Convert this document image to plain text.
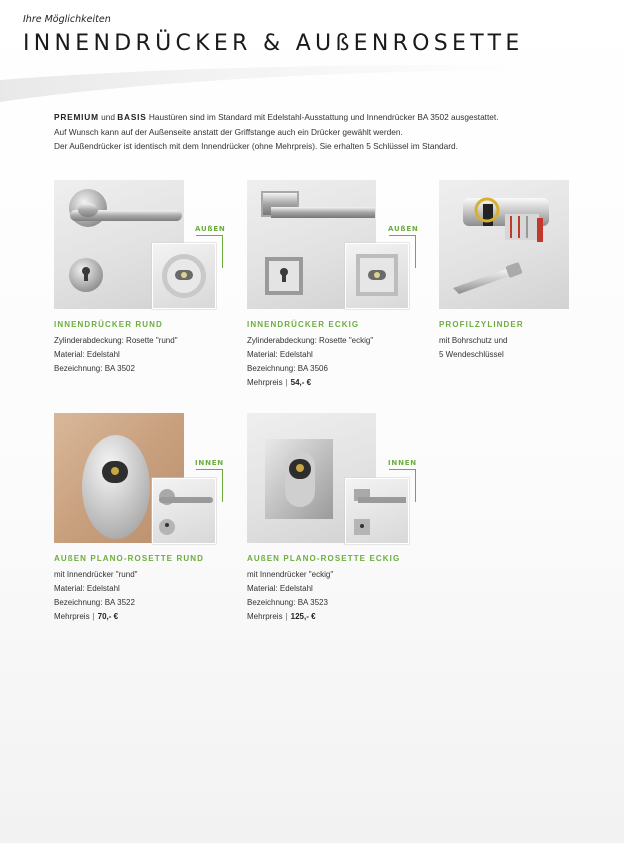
Ihre Möglichkeiten
INNENDRÜCKER & AUßENROSETTE
PREMIUM und BASIS Haustüren sind im Standard mit Edelstahl-Ausstattung und Innendrücker BA 3502 ausgestattet.
Auf Wunsch kann auf der Außenseite anstatt der Griffstange auch ein Drücker gewählt werden.
Der Außendrücker ist identisch mit dem Innendrücker (ohne Mehrpreis). Sie erhalten 5 Schlüssel im Standard.
AUßEN
INNENDRÜCKER RUND
Zylinderabdeckung: Rosette "rund"
Material: Edelstahl
Bezeichnung: BA 3502
AUßEN
INNENDRÜCKER ECKIG
Zylinderabdeckung: Rosette "eckig"
Material: Edelstahl
Bezeichnung: BA 3506
Mehrpreis | 54,- €
PROFILZYLINDER
mit Bohrschutz und
5 Wendeschlüssel
INNEN
AUßEN PLANO-ROSETTE RUND
mit Innendrücker "rund"
Material: Edelstahl
Bezeichnung: BA 3522
Mehrpreis | 70,- €
INNEN
AUßEN PLANO-ROSETTE ECKIG
mit Innendrücker "eckig"
Material: Edelstahl
Bezeichnung: BA 3523
Mehrpreis | 125,- €
